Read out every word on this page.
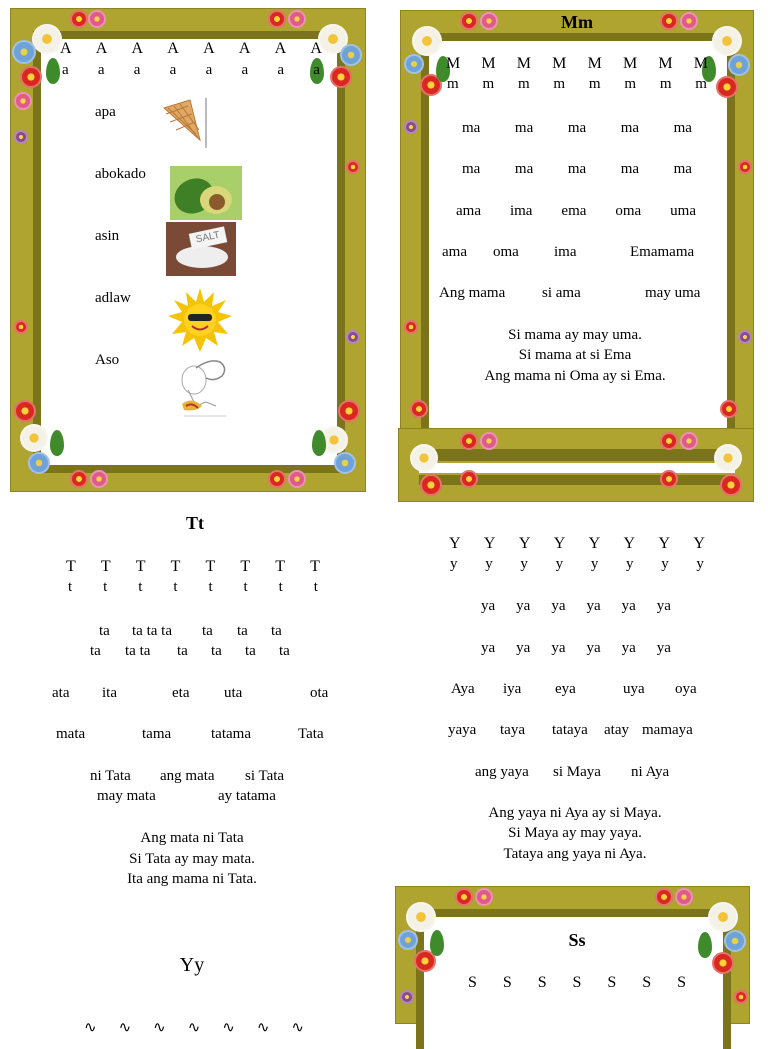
A A A A A A A A
a a a a a a a a
apa
abokado
asin
adlaw
Aso
SALT
Mm
M M M M M M M M
m m m m m m m m
ma ma ma ma ma
ma ma ma ma ma
ama ima ema oma uma
ama oma ima	Emamama
Ang mama si ama	may uma
Si mama ay may uma.
Si mama at si Ema
Ang mama ni Oma ay si Ema.
Tt
T T T T T T T T
t t t t t t t t
ta ta ta ta ta ta ta
ta ta ta ta ta ta ta
ata ita	eta uta	ota
mata	tama	tatama	Tata
ni Tata ang mata si Tata
may mata	ay tatama
Ang mata ni Tata
Si Tata ay may mata.
Ita ang mama ni Tata.
Yy
∿ ∿ ∿ ∿ ∿ ∿ ∿
Y Y Y Y Y Y Y Y
y y y y y y y y
ya ya ya ya ya ya
ya ya ya ya ya ya
Aya iya eya	uya oya
yaya taya tataya atay mamaya
ang yaya si Maya ni Aya
Ang yaya ni Aya ay si Maya.
Si Maya ay may yaya.
Tataya ang yaya ni Aya.
Ss
S S S S S S S
